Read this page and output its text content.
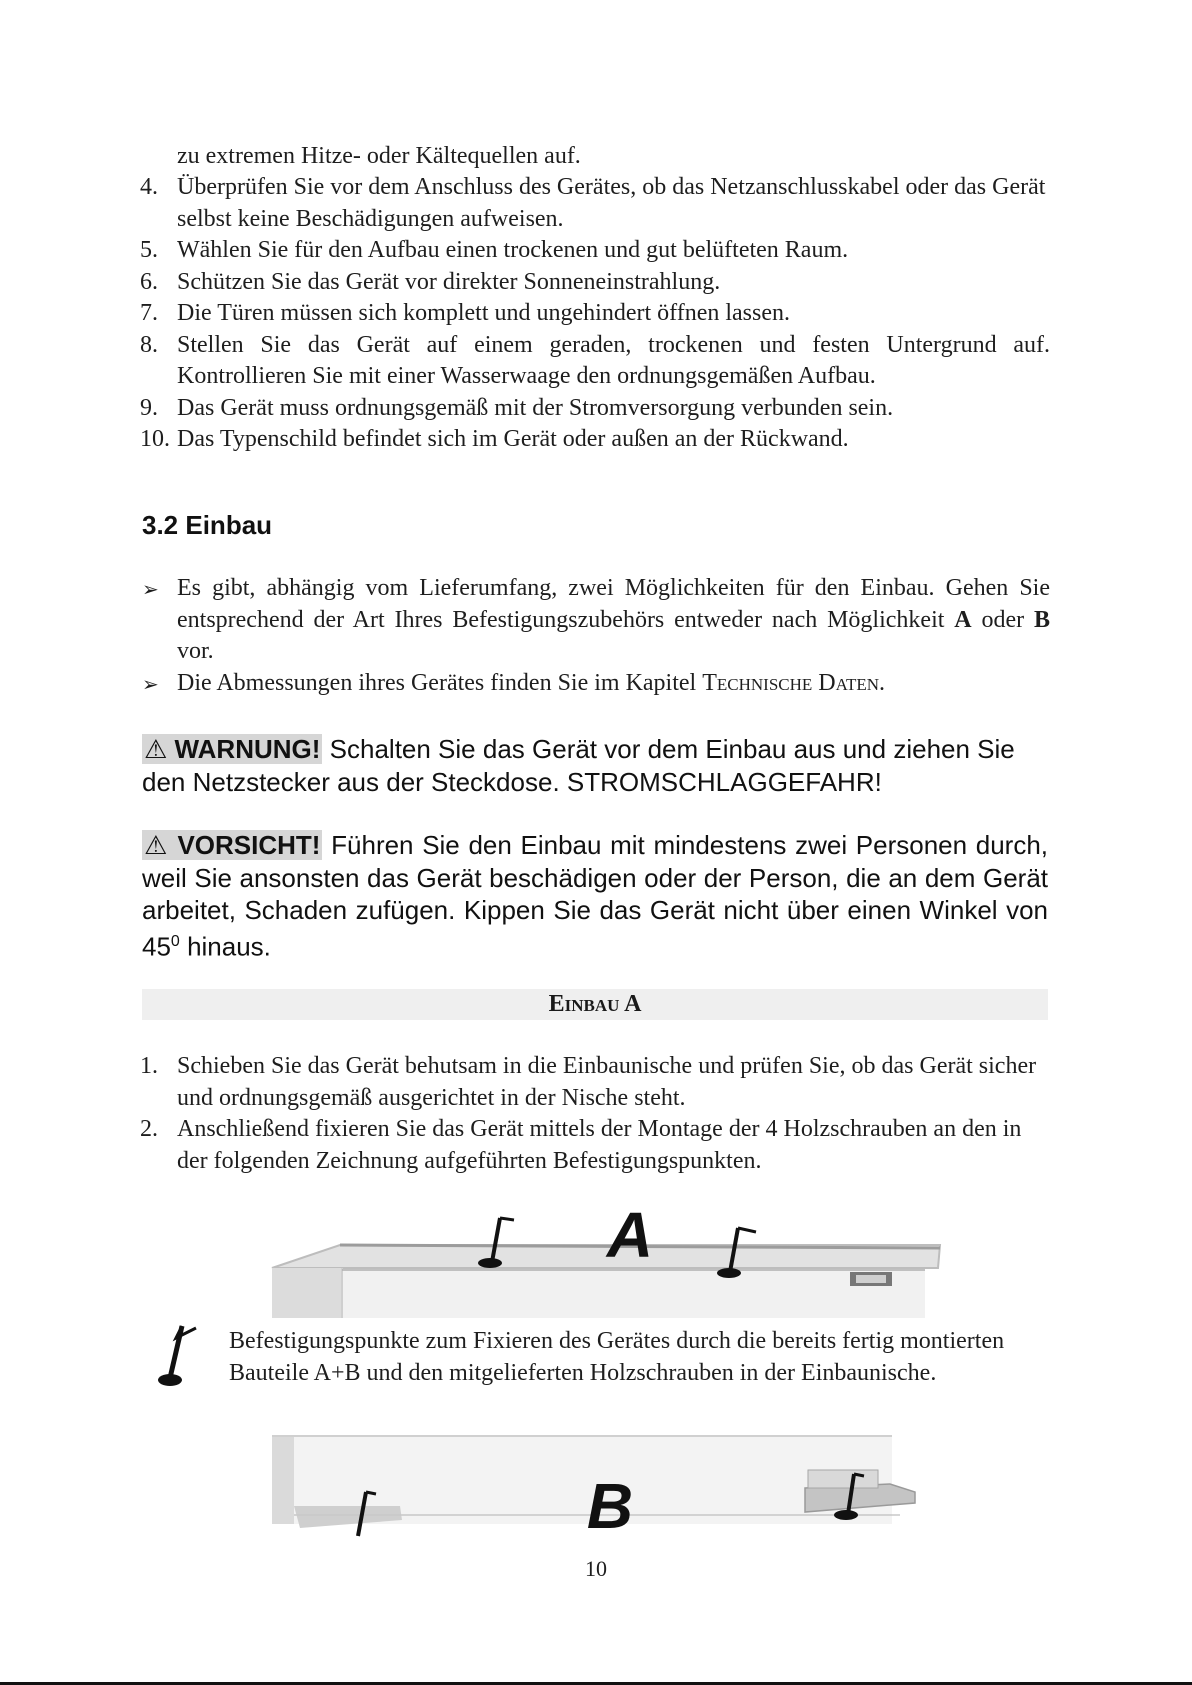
zu extremen Hitze- oder Kältequellen auf.
4. Überprüfen Sie vor dem Anschluss des Gerätes, ob das Netzanschlusskabel oder das Gerät selbst keine Beschädigungen aufweisen.
5. Wählen Sie für den Aufbau einen trockenen und gut belüfteten Raum.
6. Schützen Sie das Gerät vor direkter Sonneneinstrahlung.
7. Die Türen müssen sich komplett und ungehindert öffnen lassen.
8. Stellen Sie das Gerät auf einem geraden, trockenen und festen Untergrund auf. Kontrollieren Sie mit einer Wasserwaage den ordnungsgemäßen Aufbau.
9. Das Gerät muss ordnungsgemäß mit der Stromversorgung verbunden sein.
10. Das Typenschild befindet sich im Gerät oder außen an der Rückwand.
3.2 Einbau
➢ Es gibt, abhängig vom Lieferumfang, zwei Möglichkeiten für den Einbau. Gehen Sie entsprechend der Art Ihres Befestigungszubehörs entweder nach Möglichkeit A oder B vor.
➢ Die Abmessungen ihres Gerätes finden Sie im Kapitel Technische Daten.
⚠ WARNUNG! Schalten Sie das Gerät vor dem Einbau aus und ziehen Sie den Netzstecker aus der Steckdose. STROMSCHLAGGEFAHR!
⚠ VORSICHT! Führen Sie den Einbau mit mindestens zwei Personen durch, weil Sie ansonsten das Gerät beschädigen oder der Person, die an dem Gerät arbeitet, Schaden zufügen. Kippen Sie das Gerät nicht über einen Winkel von $45^0$ hinaus.
Einbau A
1. Schieben Sie das Gerät behutsam in die Einbaunische und prüfen Sie, ob das Gerät sicher und ordnungsgemäß ausgerichtet in der Nische steht.
2. Anschließend fixieren Sie das Gerät mittels der Montage der 4 Holzschrauben an den in der folgenden Zeichnung aufgeführten Befestigungspunkten.
A
B
Befestigungspunkte zum Fixieren des Gerätes durch die bereits fertig montierten Bauteile A+B und den mitgelieferten Holzschrauben in der Einbaunische.
10
